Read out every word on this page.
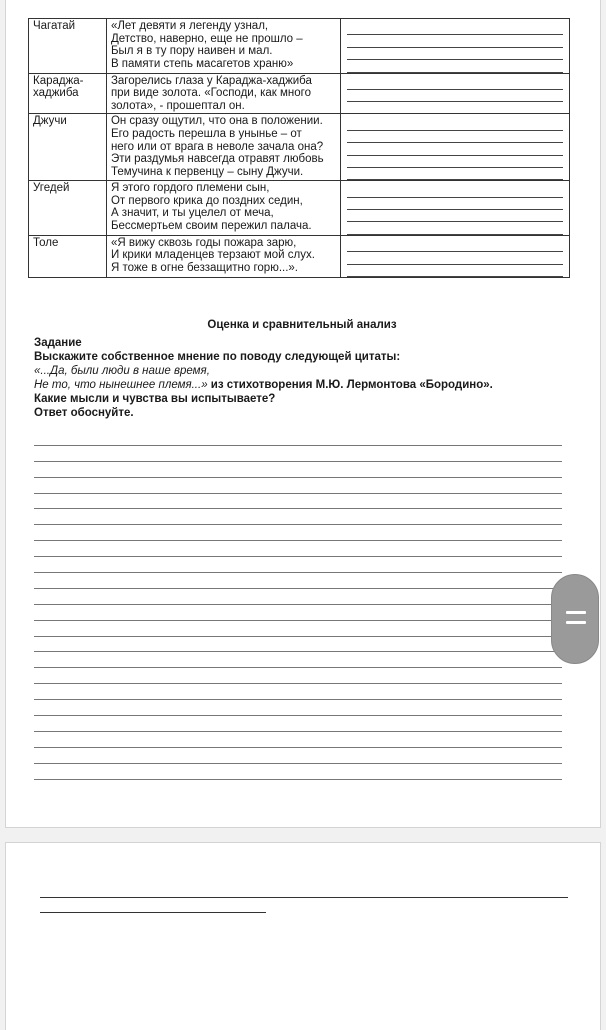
Чагатай	«Лет девяти я легенду узнал,
Детство, наверно, еще не прошло –
Был я в ту пору наивен и мал.
В памяти степь масагетов храню»	

Караджа-хаджиба	Загорелись глаза у Караджа-хаджиба
при виде золота. «Господи, как много
золота», - прошептал он.	

Джучи	Он сразу ощутил, что она в положении.
Его радость перешла в унынье – от
него или от врага в неволе зачала она?
Эти раздумья навсегда отравят любовь
Темучина к первенцу – сыну Джучи.	

Угедей	Я этого гордого племени сын,
От первого крика до поздних седин,
А значит, и ты уцелел от меча,
Бессмертьем своим пережил палача.	

Толе	«Я вижу сквозь годы пожара зарю,
И крики младенцев терзают мой слух.
Я тоже в огне беззащитно горю...».	

Оценка и сравнительный анализ
Задание
Выскажите собственное мнение по поводу следующей цитаты:
«...Да, были люди в наше время,
Не то, что нынешнее племя...» из стихотворения М.Ю. Лермонтова «Бородино».
Какие мысли и чувства вы испытываете?
Ответ обоснуйте.
